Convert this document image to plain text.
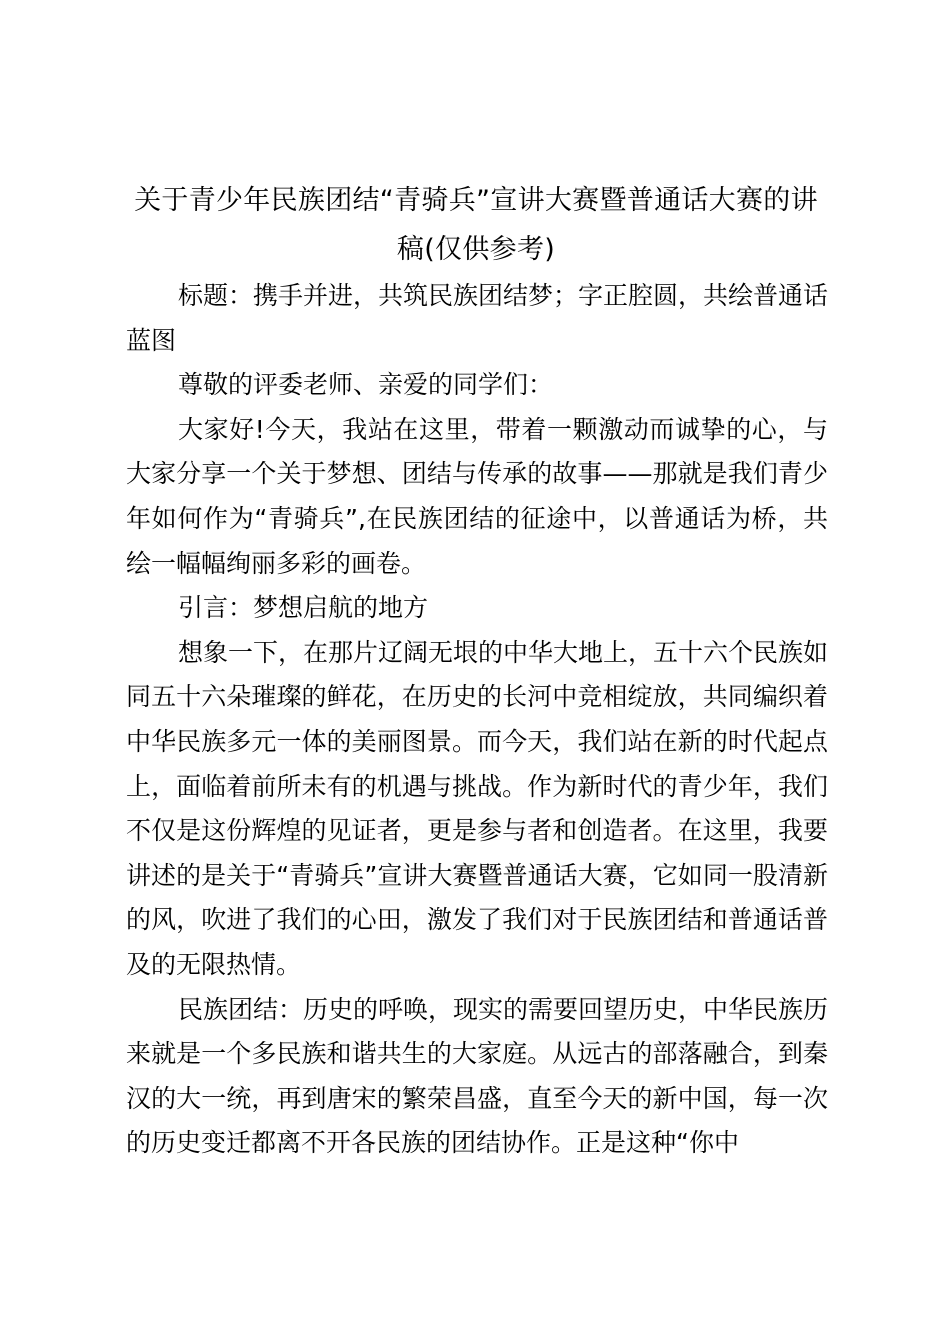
关于青少年民族团结“青骑兵”宣讲大赛暨普通话大赛的讲稿(仅供参考)

标题：携手并进，共筑民族团结梦；字正腔圆，共绘普通话蓝图

尊敬的评委老师、亲爱的同学们：

大家好!今天，我站在这里，带着一颗激动而诚挚的心，与大家分享一个关于梦想、团结与传承的故事——那就是我们青少年如何作为“青骑兵”,在民族团结的征途中，以普通话为桥，共绘一幅幅绚丽多彩的画卷。

引言：梦想启航的地方

想象一下，在那片辽阔无垠的中华大地上，五十六个民族如同五十六朵璀璨的鲜花，在历史的长河中竞相绽放，共同编织着中华民族多元一体的美丽图景。而今天，我们站在新的时代起点上，面临着前所未有的机遇与挑战。作为新时代的青少年，我们不仅是这份辉煌的见证者，更是参与者和创造者。在这里，我要讲述的是关于“青骑兵”宣讲大赛暨普通话大赛，它如同一股清新的风，吹进了我们的心田，激发了我们对于民族团结和普通话普及的无限热情。

民族团结：历史的呼唤，现实的需要回望历史，中华民族历来就是一个多民族和谐共生的大家庭。从远古的部落融合，到秦汉的大一统，再到唐宋的繁荣昌盛，直至今天的新中国，每一次的历史变迁都离不开各民族的团结协作。正是这种“你中
